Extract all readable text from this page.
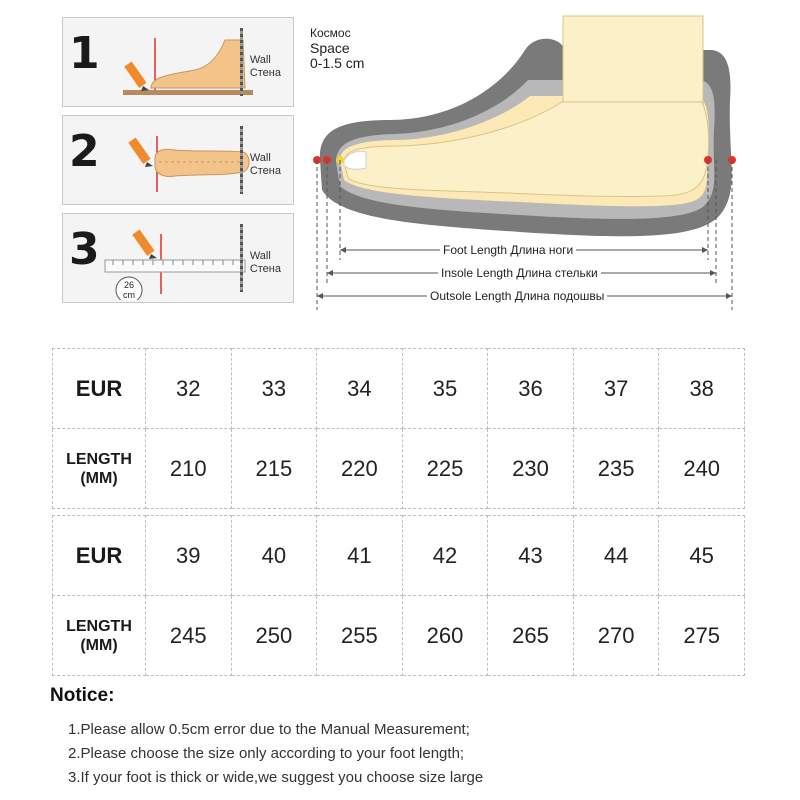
1	Wall
Стена
2	Wall
Стена
3
26
cm
Wall
Стена
Космос
Space
0-1.5 cm
Foot Length Длина ноги
Insole Length Длина стельки
Outsole Length Длина подошвы
EUR	32	33	34	35	36	37	38

LENGTH
(MM)	210	215	220	225	230	235	240
EUR	39	40	41	42	43	44	45

LENGTH
(MM)	245	250	255	260	265	270	275
Notice:
1.Please allow 0.5cm error due to the Manual Measurement;
2.Please choose the size only according to your foot length;
3.If your foot is thick or wide,we suggest you choose size large
